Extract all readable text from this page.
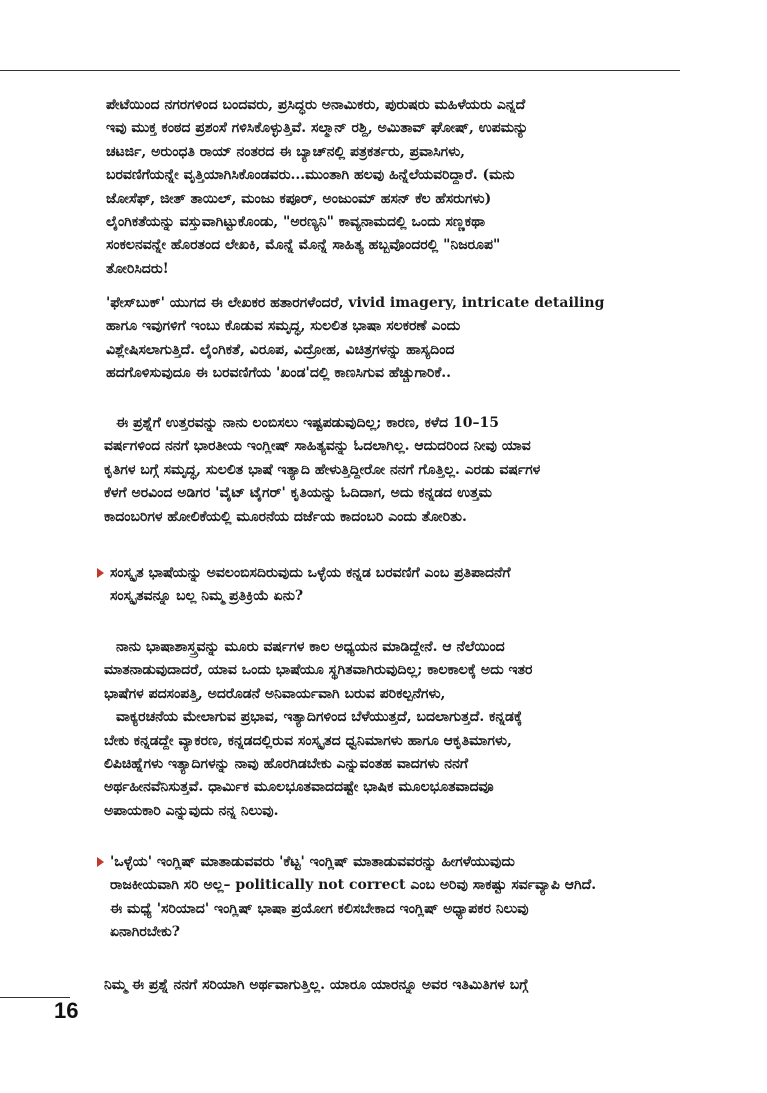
ಪೇಟೆಯಿಂದ ನಗರಗಳಿಂದ ಬಂದವರು, ಪ್ರಸಿದ್ಧರು ಅನಾಮಿಕರು, ಪುರುಷರು ಮಹಿಳೆಯರು ಎನ್ನದೆ
ಇವು ಮುಕ್ತ ಕಂಠದ ಪ್ರಶಂಸೆ ಗಳಿಸಿಕೊಳ್ಳುತ್ತಿವೆ. ಸಲ್ಮಾನ್ ರಶ್ದಿ, ಅಮಿತಾವ್ ಘೋಷ್, ಉಪಮನ್ಯು
ಚಟರ್ಜಿ, ಅರುಂಧತಿ ರಾಯ್ ನಂತರದ ಈ ಬ್ಯಾಚ್‌ನಲ್ಲಿ ಪತ್ರಕರ್ತರು, ಪ್ರವಾಸಿಗಳು,
ಬರವಣಿಗೆಯನ್ನೇ ವೃತ್ತಿಯಾಗಿಸಿಕೊಂಡವರು...ಮುಂತಾಗಿ ಹಲವು ಹಿನ್ನೆಲೆಯವರಿದ್ದಾರೆ. (ಮನು
ಜೋಸೆಫ್, ಜೀತ್ ತಾಯಿಲ್, ಮಂಜು ಕಪೂರ್, ಅಂಜುಂಮ್ ಹಸನ್ ಕೆಲ ಹೆಸರುಗಳು)
ಲೈಂಗಿಕತೆಯನ್ನು ವಸ್ತುವಾಗಿಟ್ಟುಕೊಂಡು, "ಅರಣ್ಯನಿ" ಕಾವ್ಯನಾಮದಲ್ಲಿ ಒಂದು ಸಣ್ಣಕಥಾ
ಸಂಕಲನವನ್ನೇ ಹೊರತಂದ ಲೇಖಕಿ, ಮೊನ್ನೆ ಮೊನ್ನೆ ಸಾಹಿತ್ಯ ಹಬ್ಬವೊಂದರಲ್ಲಿ "ನಿಜರೂಪ"
ತೋರಿಸಿದರು!
'ಫೇಸ್‌ಬುಕ್' ಯುಗದ ಈ ಲೇಖಕರ ಹತಾರಗಳೆಂದರೆ, vivid imagery, intricate detailing
ಹಾಗೂ ಇವುಗಳಿಗೆ ಇಂಬು ಕೊಡುವ ಸಮೃದ್ಧ, ಸುಲಲಿತ ಭಾಷಾ ಸಲಕರಣೆ ಎಂದು
ವಿಶ್ಲೇಷಿಸಲಾಗುತ್ತಿದೆ. ಲೈಂಗಿಕತೆ, ವಿರೂಪ, ವಿದ್ರೋಹ, ವಿಚಿತ್ರಗಳನ್ನು ಹಾಸ್ಯದಿಂದ
ಹದಗೊಳಿಸುವುದೂ ಈ ಬರವಣಿಗೆಯ 'ಖಂಡ'ದಲ್ಲಿ ಕಾಣಸಿಗುವ ಹೆಚ್ಚುಗಾರಿಕೆ..
ಈ ಪ್ರಶ್ನೆಗೆ ಉತ್ತರವನ್ನು ನಾನು ಲಂಬಿಸಲು ಇಷ್ಟಪಡುವುದಿಲ್ಲ; ಕಾರಣ, ಕಳೆದ 10–15
ವರ್ಷಗಳಿಂದ ನನಗೆ ಭಾರತೀಯ ಇಂಗ್ಲೀಷ್ ಸಾಹಿತ್ಯವನ್ನು ಓದಲಾಗಿಲ್ಲ. ಆದುದರಿಂದ ನೀವು ಯಾವ
ಕೃತಿಗಳ ಬಗ್ಗೆ ಸಮೃದ್ಧ, ಸುಲಲಿತ ಭಾಷೆ ಇತ್ಯಾದಿ ಹೇಳುತ್ತಿದ್ದೀರೋ ನನಗೆ ಗೊತ್ತಿಲ್ಲ. ಎರಡು ವರ್ಷಗಳ
ಕೆಳಗೆ ಅರವಿಂದ ಅಡಿಗರ 'ವೈಟ್ ಟೈಗರ್' ಕೃತಿಯನ್ನು ಓದಿದಾಗ, ಅದು ಕನ್ನಡದ ಉತ್ತಮ
ಕಾದಂಬರಿಗಳ ಹೋಲಿಕೆಯಲ್ಲಿ ಮೂರನೆಯ ದರ್ಜೆಯ ಕಾದಂಬರಿ ಎಂದು ತೋರಿತು.
ಸಂಸ್ಕೃತ ಭಾಷೆಯನ್ನು ಅವಲಂಬಿಸದಿರುವುದು ಒಳ್ಳೆಯ ಕನ್ನಡ ಬರವಣಿಗೆ ಎಂಬ ಪ್ರತಿಪಾದನೆಗೆ
ಸಂಸ್ಕೃತವನ್ನೂ ಬಲ್ಲ ನಿಮ್ಮ ಪ್ರತಿಕ್ರಿಯೆ ಏನು?
ನಾನು ಭಾಷಾಶಾಸ್ತ್ರವನ್ನು ಮೂರು ವರ್ಷಗಳ ಕಾಲ ಅಧ್ಯಯನ ಮಾಡಿದ್ದೇನೆ. ಆ ನೆಲೆಯಿಂದ
ಮಾತನಾಡುವುದಾದರೆ, ಯಾವ ಒಂದು ಭಾಷೆಯೂ ಸ್ಥಗಿತವಾಗಿರುವುದಿಲ್ಲ; ಕಾಲಕಾಲಕ್ಕೆ ಅದು ಇತರ
ಭಾಷೆಗಳ ಪದಸಂಪತ್ತಿ, ಅದರೊಡನೆ ಅನಿವಾರ್ಯವಾಗಿ ಬರುವ ಪರಿಕಲ್ಪನೆಗಳು,
ವಾಕ್ಯರಚನೆಯ ಮೇಲಾಗುವ ಪ್ರಭಾವ, ಇತ್ಯಾದಿಗಳಿಂದ ಬೆಳೆಯುತ್ತದೆ, ಬದಲಾಗುತ್ತದೆ. ಕನ್ನಡಕ್ಕೆ
ಬೇಕು ಕನ್ನಡದ್ದೇ ವ್ಯಾಕರಣ, ಕನ್ನಡದಲ್ಲಿರುವ ಸಂಸ್ಕೃತದ ಧ್ವನಿಮಾಗಳು ಹಾಗೂ ಆಕೃತಿಮಾಗಳು,
ಲಿಪಿಚಿಹ್ನೆಗಳು ಇತ್ಯಾದಿಗಳನ್ನು ನಾವು ಹೊರಗಿಡಬೇಕು ಎನ್ನುವಂತಹ ವಾದಗಳು ನನಗೆ
ಅರ್ಥಹೀನವೆನಿಸುತ್ತವೆ. ಧಾರ್ಮಿಕ ಮೂಲಭೂತವಾದದಷ್ಟೇ ಭಾಷಿಕ ಮೂಲಭೂತವಾದವೂ
ಅಪಾಯಕಾರಿ ಎನ್ನುವುದು ನನ್ನ ನಿಲುವು.
'ಒಳ್ಳೆಯ' ಇಂಗ್ಲಿಷ್ ಮಾತಾಡುವವರು 'ಕೆಟ್ಟ' ಇಂಗ್ಲಿಷ್ ಮಾತಾಡುವವರನ್ನು ಹೀಗಳೆಯುವುದು
ರಾಜಕೀಯವಾಗಿ ಸರಿ ಅಲ್ಲ– politically not correct ಎಂಬ ಅರಿವು ಸಾಕಷ್ಟು ಸರ್ವವ್ಯಾಪಿ ಆಗಿದೆ.
ಈ ಮಧ್ಯೆ 'ಸರಿಯಾದ' ಇಂಗ್ಲಿಷ್ ಭಾಷಾ ಪ್ರಯೋಗ ಕಲಿಸಬೇಕಾದ ಇಂಗ್ಲಿಷ್ ಅಧ್ಯಾಪಕರ ನಿಲುವು
ಏನಾಗಿರಬೇಕು?
ನಿಮ್ಮ ಈ ಪ್ರಶ್ನೆ ನನಗೆ ಸರಿಯಾಗಿ ಅರ್ಥವಾಗುತ್ತಿಲ್ಲ. ಯಾರೂ ಯಾರನ್ನೂ ಅವರ ಇತಿಮಿತಿಗಳ ಬಗ್ಗೆ
16
